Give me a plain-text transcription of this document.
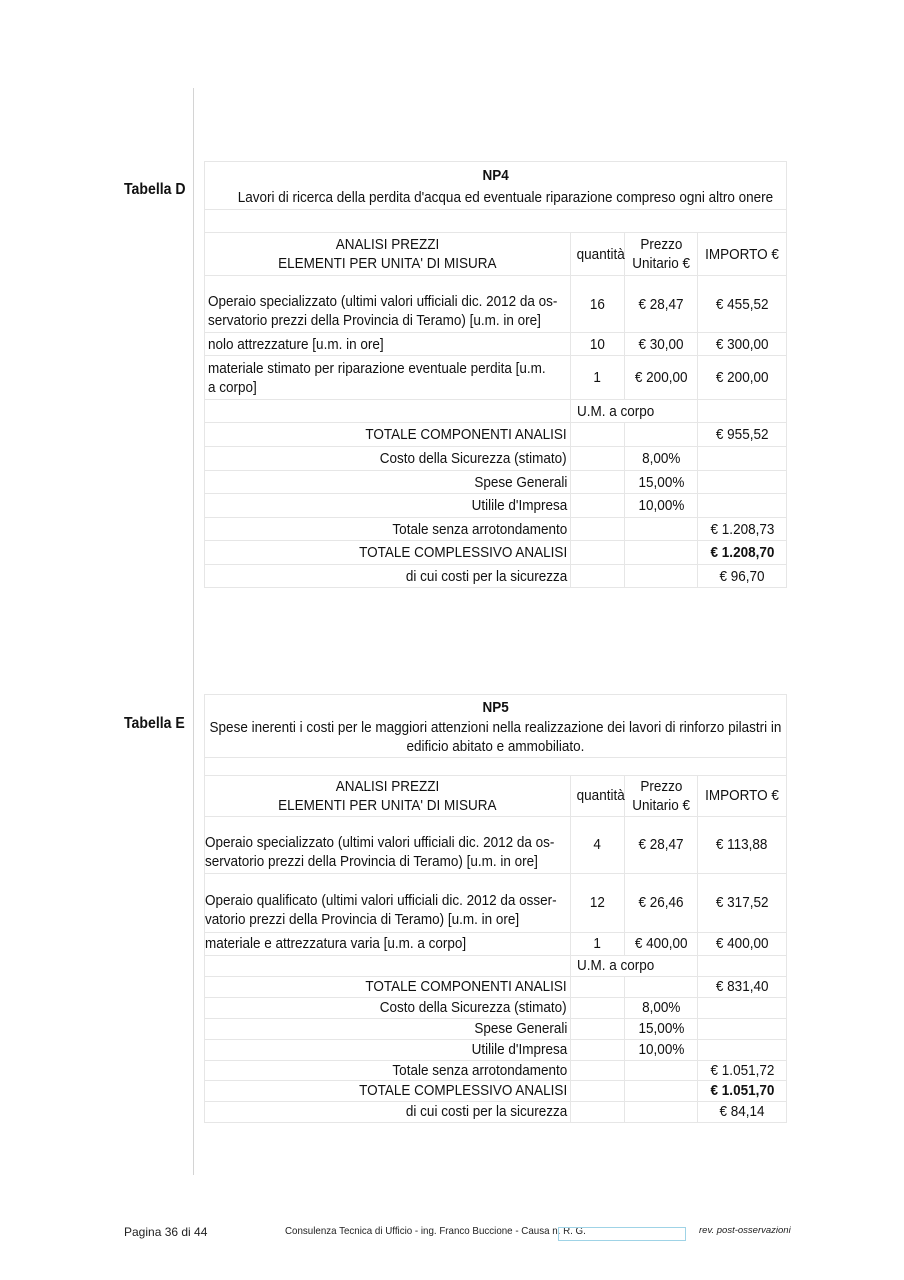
Tabella D
NP4			
Lavori di ricerca della perdita d'acqua ed eventuale riparazione compreso ogni altro onere			

ANALISI PREZZI
ELEMENTI PER UNITA' DI MISURA	quantità	Prezzo
Unitario €	IMPORTO €
Operaio specializzato (ultimi valori ufficiali dic. 2012 da os-
servatorio prezzi della Provincia di Teramo) [u.m. in ore]	16	€ 28,47	€ 455,52
nolo attrezzature [u.m. in ore]	10	€ 30,00	€ 300,00
materiale stimato per riparazione eventuale perdita [u.m.
a corpo]	1	€ 200,00	€ 200,00
	U.M. a corpo		
TOTALE COMPONENTI ANALISI			€ 955,52
Costo della Sicurezza (stimato)		8,00%	
Spese Generali		15,00%	
Utilile d'Impresa		10,00%	
Totale senza arrotondamento			€ 1.208,73
TOTALE COMPLESSIVO ANALISI			€ 1.208,70
di cui costi per la sicurezza			€ 96,70
Tabella E
NP5			
Spese inerenti i costi per le maggiori attenzioni nella realizzazione dei lavori di rinforzo pilastri in edificio abitato e ammobiliato.			

ANALISI PREZZI
ELEMENTI PER UNITA' DI MISURA	quantità	Prezzo
Unitario €	IMPORTO €
Operaio specializzato (ultimi valori ufficiali dic. 2012 da os-
servatorio prezzi della Provincia di Teramo) [u.m. in ore]	4	€ 28,47	€ 113,88
Operaio qualificato (ultimi valori ufficiali dic. 2012 da osser-
vatorio prezzi della Provincia di Teramo) [u.m. in ore]	12	€ 26,46	€ 317,52
materiale e attrezzatura varia [u.m. a corpo]	1	€ 400,00	€ 400,00
	U.M. a corpo		
TOTALE COMPONENTI ANALISI			€ 831,40
Costo della Sicurezza (stimato)		8,00%	
Spese Generali		15,00%	
Utilile d'Impresa		10,00%	
Totale senza arrotondamento			€ 1.051,72
TOTALE COMPLESSIVO ANALISI			€ 1.051,70
di cui costi per la sicurezza			€ 84,14
Pagina 36 di 44	Consulenza Tecnica di Ufficio - ing. Franco Buccione - Causa n. R. G.	rev. post-osservazioni
